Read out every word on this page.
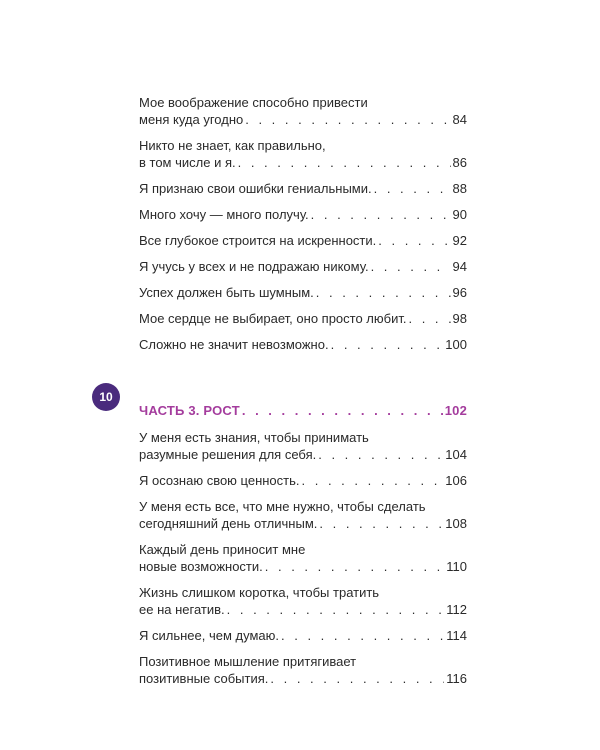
10
Мое воображение способно привести
меня куда угодно . . .	84
Никто не знает, как правильно,
в том числе и я. . . .	86
Я признаю свои ошибки гениальными. . . .	88
Много хочу — много получу. . . .	90
Все глубокое строится на искренности. . . .	92
Я учусь у всех и не подражаю никому. . . .	94
Успех должен быть шумным. . . .	96
Мое сердце не выбирает, оно просто любит. . . .	98
Сложно не значит невозможно. . . .	100
ЧАСТЬ 3. РОСТ . . .	102
У меня есть знания, чтобы принимать
разумные решения для себя. . . .	104
Я осознаю свою ценность. . . .	106
У меня есть все, что мне нужно, чтобы сделать
сегодняшний день отличным. . . .	108
Каждый день приносит мне
новые возможности. . . .	110
Жизнь слишком коротка, чтобы тратить
ее на негатив. . . .	112
Я сильнее, чем думаю. . . .	114
Позитивное мышление притягивает
позитивные события. . . .	116
